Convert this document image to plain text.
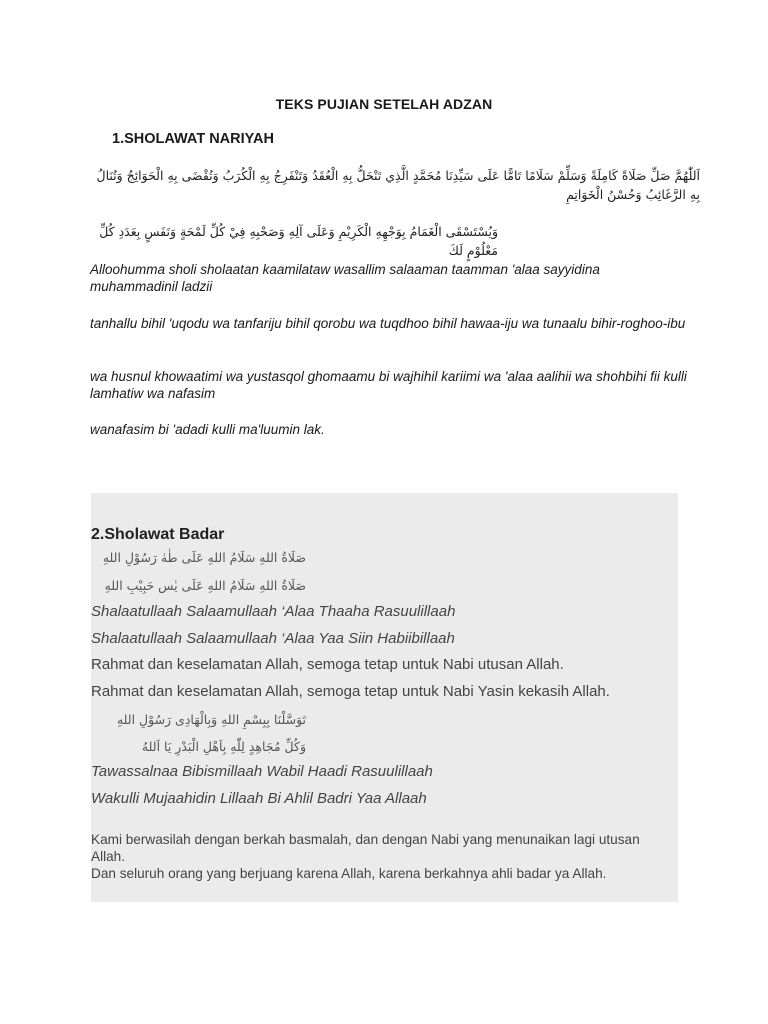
TEKS PUJIAN SETELAH ADZAN
1.SHOLAWAT NARIYAH
اَللّٰهُمَّ صَلِّ صَلَاةً كَامِلَةً وَسَلِّمْ سَلَامًا تَامًّا عَلَى سَيِّدِنَا مُحَمَّدٍ الَّذِي تَنْحَلُّ بِهِ الْعُقَدُ وَتَنْفَرِجُ بِهِ الْكُرَبُ وَتُقْضَى بِهِ الْحَوَائِجُ وَتُنَالُ بِهِ الرَّغَائِبُ وَحُسْنُ الْخَوَاتِمِ
وَيُسْتَسْقَى الْغَمَامُ بِوَجْهِهِ الْكَرِيْمِ وَعَلَى آلِهِ وَصَحْبِهِ فِيْ كُلِّ لَمْحَةٍ وَنَفَسٍ بِعَدَدِ كُلِّ مَعْلُوْمٍ لَكَ
Alloohumma sholi sholaatan kaamilataw wasallim salaaman taamman 'alaa sayyidina muhammadinil ladzii
tanhallu bihil 'uqodu wa tanfariju bihil qorobu wa tuqdhoo bihil hawaa-iju wa tunaalu bihir-roghoo-ibu
wa husnul khowaatimi wa yustasqol ghomaamu bi wajhihil kariimi wa 'alaa aalihii wa shohbihi fii kulli lamhatiw wa nafasim
wanafasim bi 'adadi kulli ma'luumin lak.
2.Sholawat Badar
صَلَاةُ اللهِ سَلَامُ اللهِ عَلَى طٰهٰ رَسُوْلِ اللهِ
صَلَاةُ اللهِ سَلَامُ اللهِ عَلَى يٰس حَبِيْبِ اللهِ
Shalaatullaah Salaamullaah ‘Alaa Thaaha Rasuulillaah
Shalaatullaah Salaamullaah ‘Alaa Yaa Siin Habiibillaah
Rahmat dan keselamatan Allah, semoga tetap untuk Nabi utusan Allah.
Rahmat dan keselamatan Allah, semoga tetap untuk Nabi Yasin kekasih Allah.
تَوَسَّلْنَا بِبِسْمِ اللهِ وَبِالْهَادِى رَسُوْلِ اللهِ
وَكُلِّ مُجَاهِدٍ لِلّٰهِ بِاَهْلِ الْبَدْرِ يَا اَللهُ
Tawassalnaa Bibismillaah Wabil Haadi Rasuulillaah
Wakulli Mujaahidin Lillaah Bi Ahlil Badri Yaa Allaah
Kami berwasilah dengan berkah basmalah, dan dengan Nabi yang menunaikan lagi utusan Allah.
Dan seluruh orang yang berjuang karena Allah, karena berkahnya ahli badar ya Allah.
